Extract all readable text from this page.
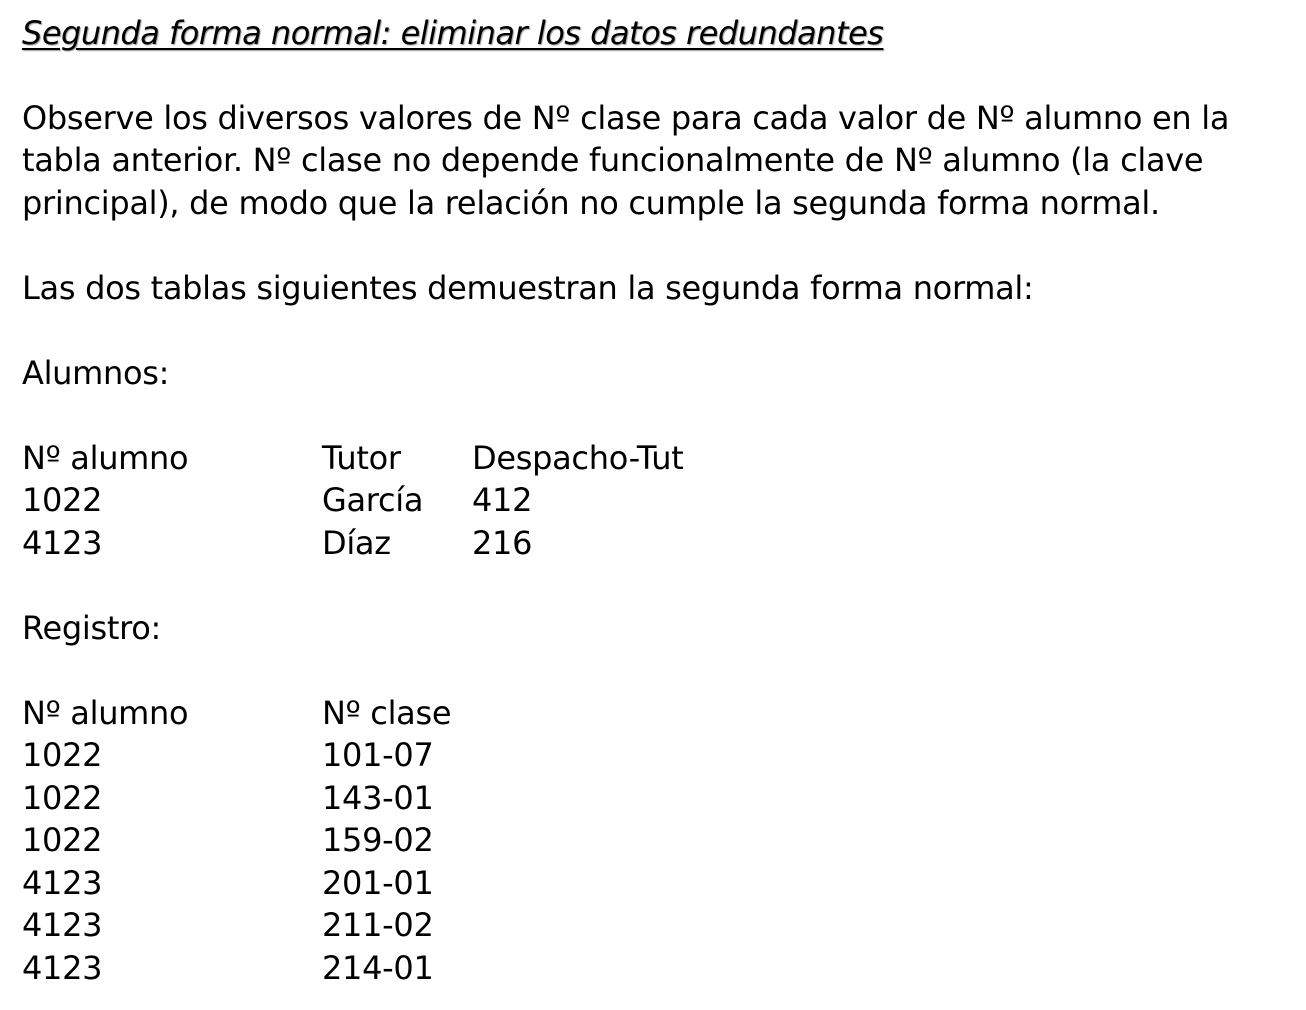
Segunda forma normal: eliminar los datos redundantes

Observe los diversos valores de Nº clase para cada valor de Nº alumno en la

tabla anterior. Nº clase no depende funcionalmente de Nº alumno (la clave

principal), de modo que la relación no cumple la segunda forma normal.

Las dos tablas siguientes demuestran la segunda forma normal:

Alumnos:

Nº alumno	Tutor	Despacho-Tut
1022	García	412
4123	Díaz	216

Registro:

Nº alumno	Nº clase
1022	101-07
1022	143-01
1022	159-02
4123	201-01
4123	211-02
4123	214-01
